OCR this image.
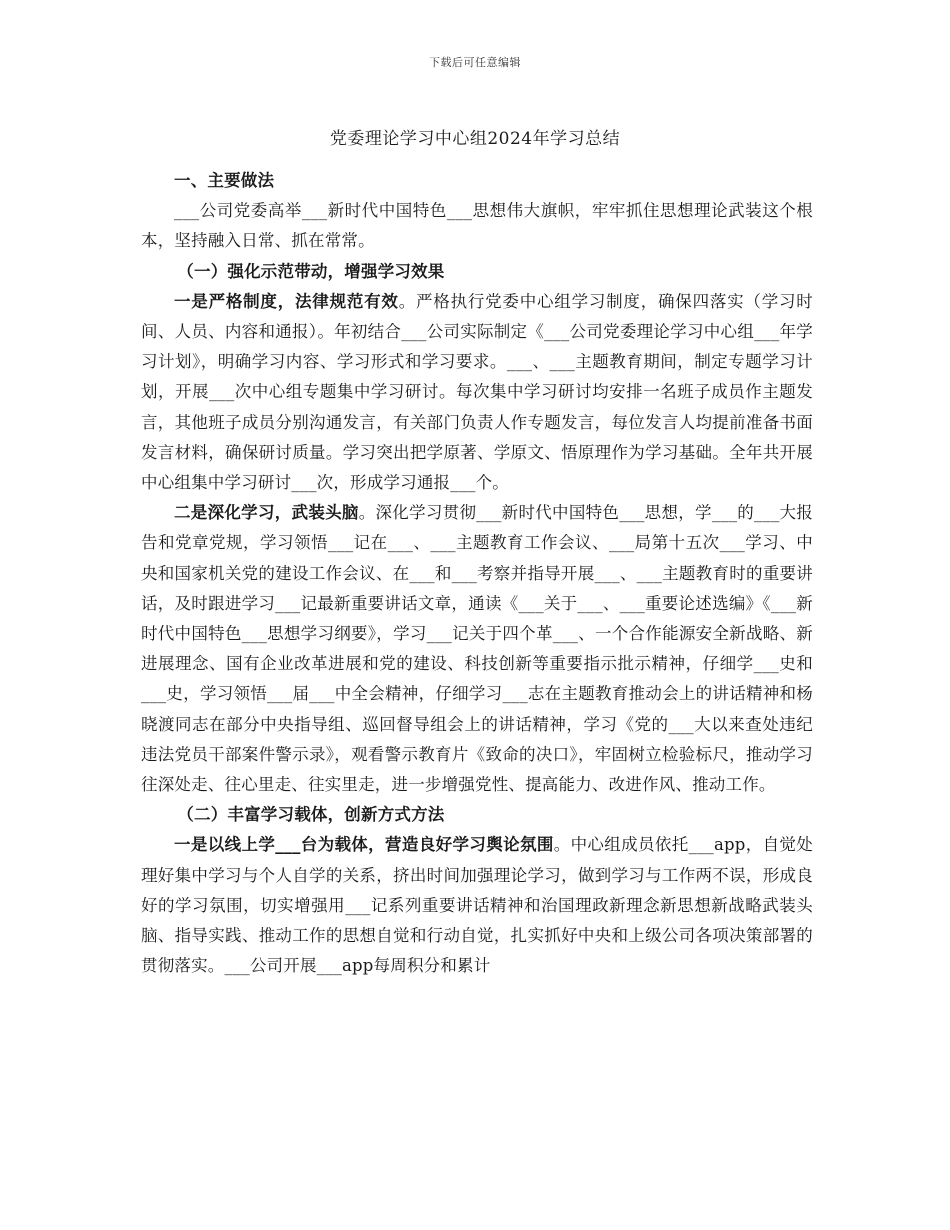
下载后可任意编辑
党委理论学习中心组2024年学习总结

一、主要做法

___公司党委高举___新时代中国特色___思想伟大旗帜，牢牢抓住思想理论武装这个根本，坚持融入日常、抓在常常。

（一）强化示范带动，增强学习效果

一是严格制度，法律规范有效。严格执行党委中心组学习制度，确保四落实（学习时间、人员、内容和通报）。年初结合___公司实际制定《___公司党委理论学习中心组___年学习计划》，明确学习内容、学习形式和学习要求。___、___主题教育期间，制定专题学习计划，开展___次中心组专题集中学习研讨。每次集中学习研讨均安排一名班子成员作主题发言，其他班子成员分别沟通发言，有关部门负责人作专题发言，每位发言人均提前准备书面发言材料，确保研讨质量。学习突出把学原著、学原文、悟原理作为学习基础。全年共开展中心组集中学习研讨___次，形成学习通报___个。

二是深化学习，武装头脑。深化学习贯彻___新时代中国特色___思想，学___的___大报告和党章党规，学习领悟___记在___、___主题教育工作会议、___局第十五次___学习、中央和国家机关党的建设工作会议、在___和___考察并指导开展___、___主题教育时的重要讲话，及时跟进学习___记最新重要讲话文章，通读《___关于___、___重要论述选编》《___新时代中国特色___思想学习纲要》，学习___记关于四个革___、一个合作能源安全新战略、新进展理念、国有企业改革进展和党的建设、科技创新等重要指示批示精神，仔细学___史和___史，学习领悟___届___中全会精神，仔细学习___志在主题教育推动会上的讲话精神和杨晓渡同志在部分中央指导组、巡回督导组会上的讲话精神，学习《党的___大以来查处违纪违法党员干部案件警示录》，观看警示教育片《致命的决口》，牢固树立检验标尺，推动学习往深处走、往心里走、往实里走，进一步增强党性、提高能力、改进作风、推动工作。

（二）丰富学习载体，创新方式方法

一是以线上学___台为载体，营造良好学习舆论氛围。中心组成员依托___app，自觉处理好集中学习与个人自学的关系，挤出时间加强理论学习，做到学习与工作两不误，形成良好的学习氛围，切实增强用___记系列重要讲话精神和治国理政新理念新思想新战略武装头脑、指导实践、推动工作的思想自觉和行动自觉，扎实抓好中央和上级公司各项决策部署的贯彻落实。___公司开展___app每周积分和累计
